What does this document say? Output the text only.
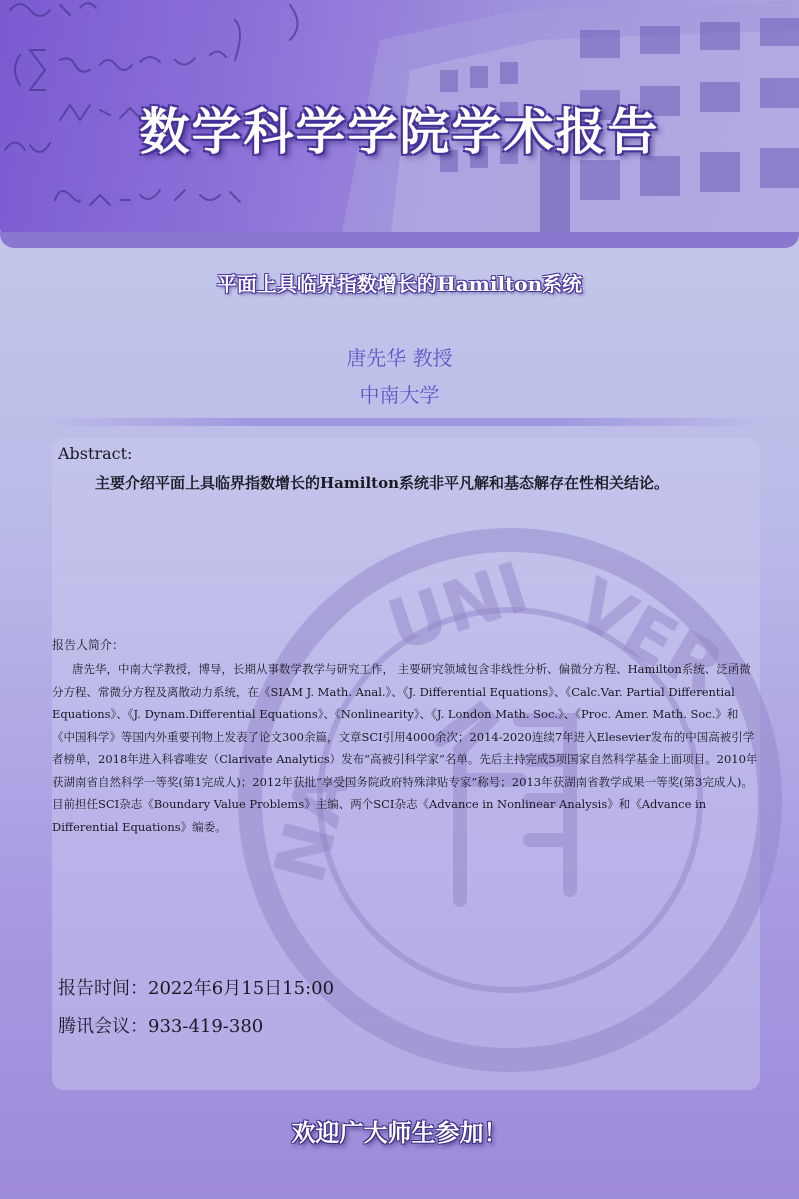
数学科学学院学术报告
UNI VER
NA
平面上具临界指数增长的Hamilton系统
唐先华 教授
中南大学
Abstract:
主要介绍平面上具临界指数增长的Hamilton系统非平凡解和基态解存在性相关结论。
报告人简介：
唐先华，中南大学教授，博导，长期从事数学教学与研究工作， 主要研究领域包含非线性分析、偏微分方程、Hamilton系统、泛函微分方程、常微分方程及离散动力系统，在《SIAM J. Math. Anal.》、《J. Differential Equations》、《Calc.Var. Partial Differential Equations》、《J. Dynam.Differential Equations》、《Nonlinearity》、《J. London Math. Soc.》、《Proc. Amer. Math. Soc.》和《中国科学》等国内外重要刊物上发表了论文300余篇，文章SCI引用4000余次；2014-2020连续7年进入Elesevier发布的中国高被引学者榜单，2018年进入科睿唯安（Clarivate Analytics）发布“高被引科学家”名单。先后主持完成5项国家自然科学基金上面项目。2010年获湖南省自然科学一等奖(第1完成人)；2012年获批“享受国务院政府特殊津贴专家”称号；2013年获湖南省教学成果一等奖(第3完成人)。目前担任SCI杂志《Boundary Value Problems》主编、两个SCI杂志《Advance in Nonlinear Analysis》和《Advance in Differential Equations》编委。
报告时间：2022年6月15日15:00
腾讯会议：933-419-380
欢迎广大师生参加！
